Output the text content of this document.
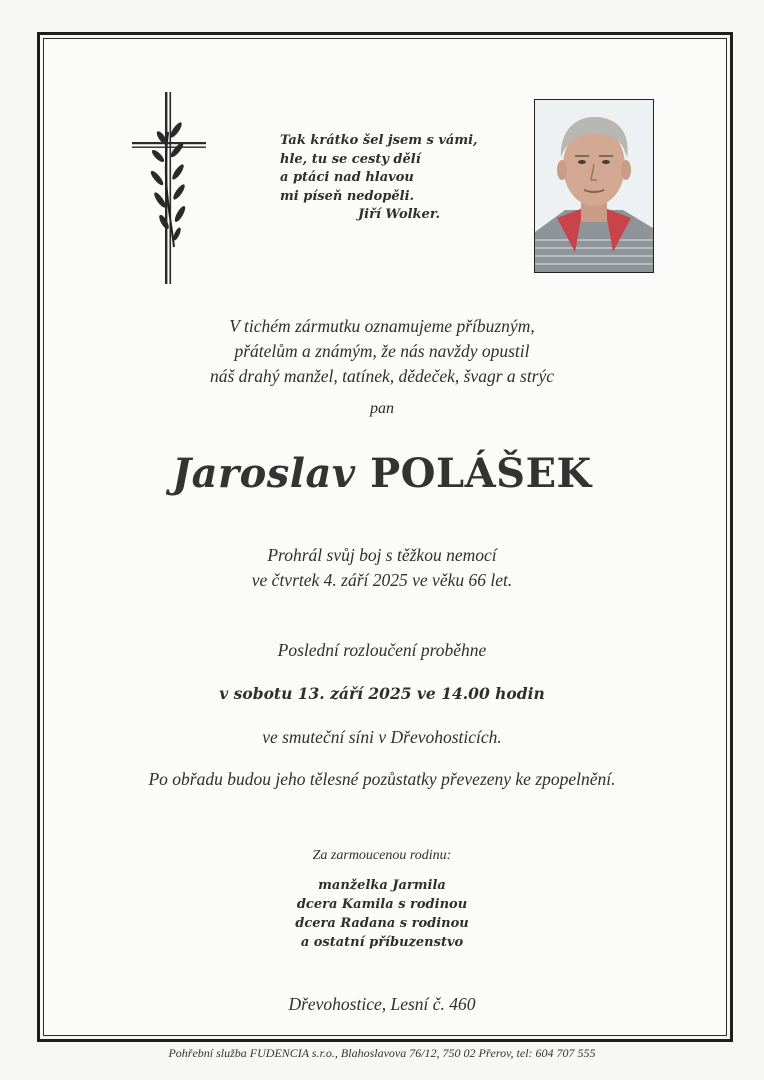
Tak krátko šel jsem s vámi,
hle, tu se cesty dělí
a ptáci nad hlavou
mi píseň nedopěli.
Jiří Wolker.
V tichém zármutku oznamujeme příbuzným,
přátelům a známým, že nás navždy opustil
náš drahý manžel, tatínek, dědeček, švagr a strýc
pan
Jaroslav POLÁŠEK
Prohrál svůj boj s těžkou nemocí
ve čtvrtek 4. září 2025 ve věku 66 let.
Poslední rozloučení proběhne
v sobotu 13. září 2025 ve 14.00 hodin
ve smuteční síni v Dřevohosticích.
Po obřadu budou jeho tělesné pozůstatky převezeny ke zpopelnění.
Za zarmoucenou rodinu:
manželka Jarmila
dcera Kamila s rodinou
dcera Radana s rodinou
a ostatní příbuzenstvo
Dřevohostice, Lesní č. 460
Pohřební služba FUDENCIA s.r.o., Blahoslavova 76/12, 750 02 Přerov, tel: 604 707 555
